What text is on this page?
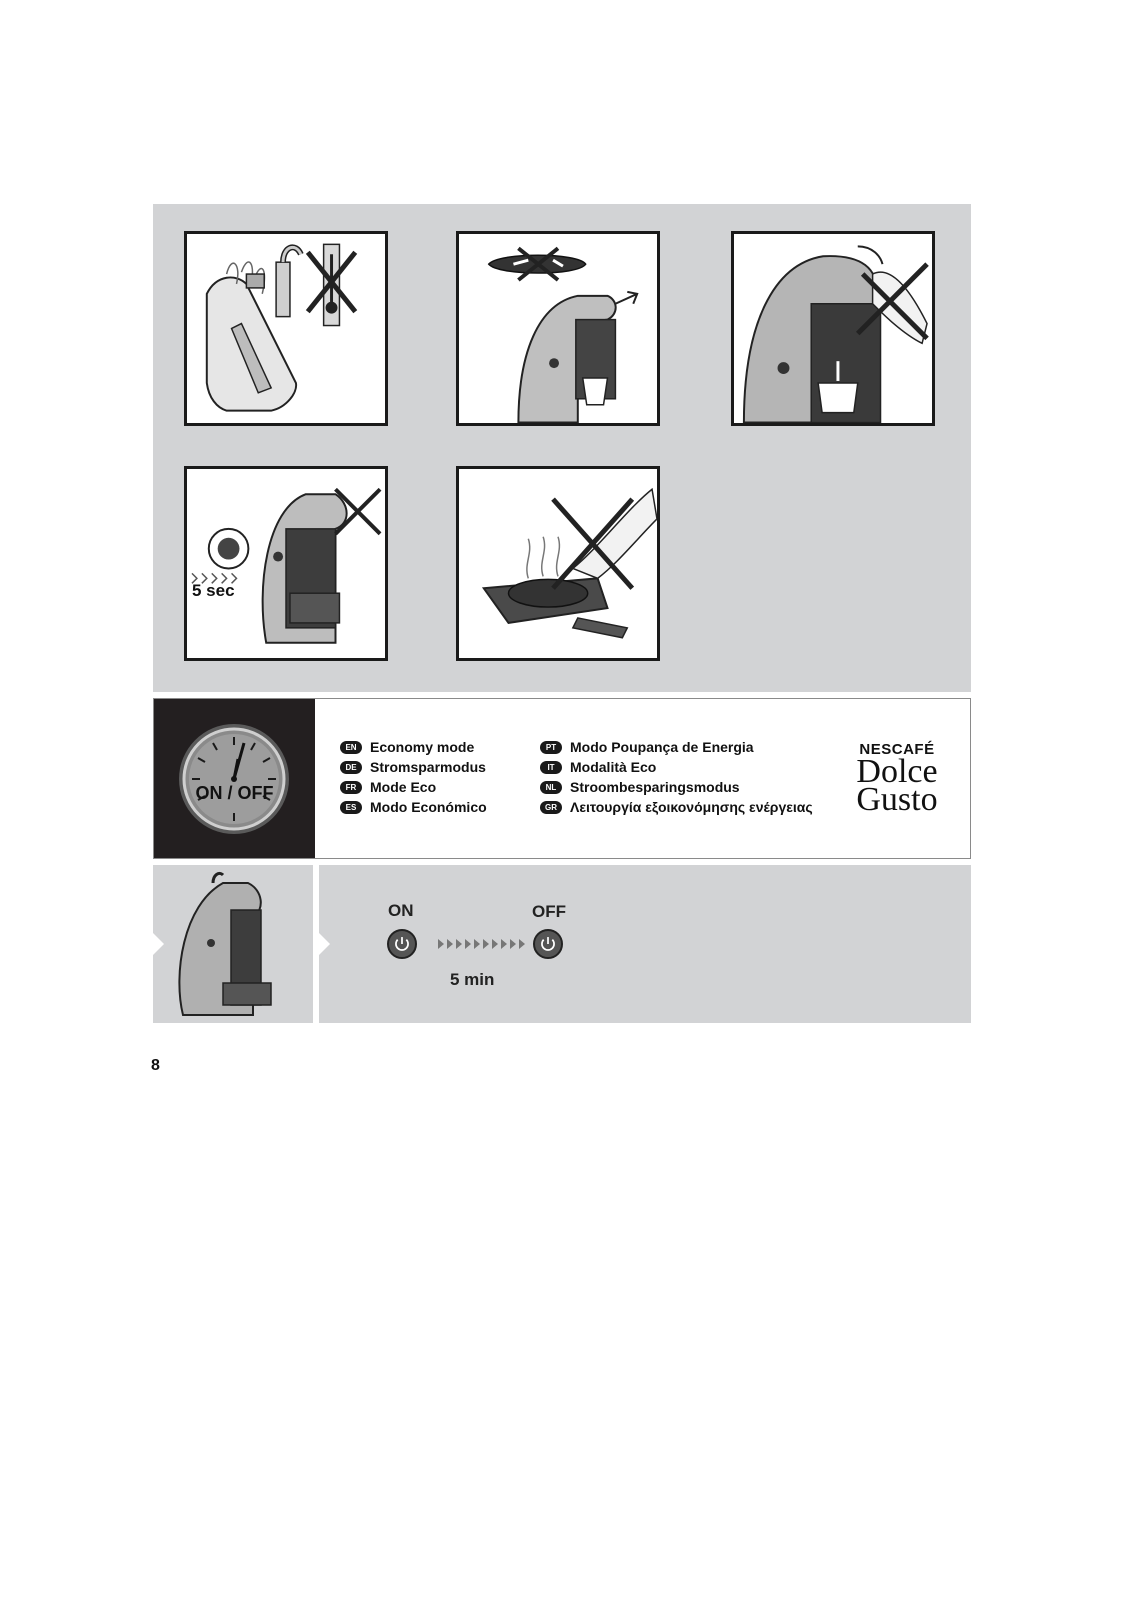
5 sec
ON / OFF
EN Economy mode
DE Stromsparmodus
FR Mode Eco
ES Modo Económico
PT Modo Poupança de Energia
IT	Modalità Eco
NL Stroombesparingsmodus
GR Λειτουργία εξοικονόμησης ενέργειας
NESCAFÉ
Dolce
Gusto
ON	OFF
5 min
8
